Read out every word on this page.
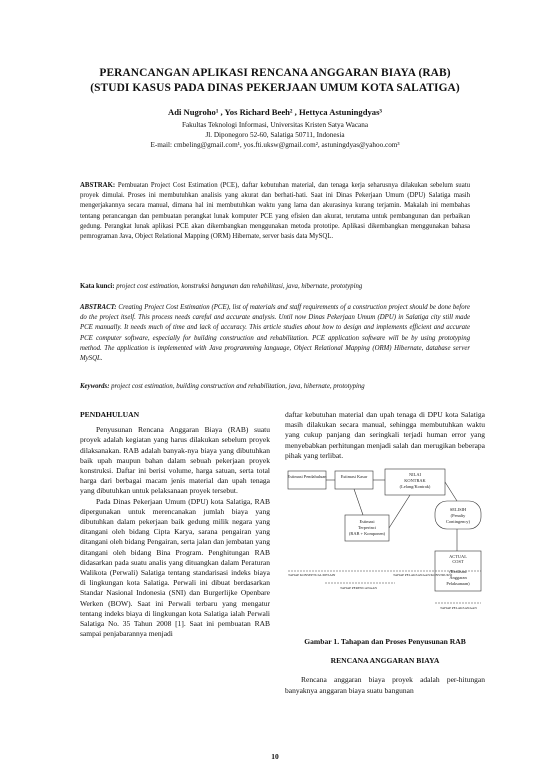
PERANCANGAN APLIKASI RENCANA ANGGARAN BIAYA (RAB)
(STUDI KASUS PADA DINAS PEKERJAAN UMUM KOTA SALATIGA)
Adi Nugroho¹ , Yos Richard Beeh² , Hettyca Astuningdyas³
Fakultas Teknologi Informasi, Universitas Kristen Satya Wacana
Jl. Diponegoro 52-60, Salatiga 50711, Indonesia
E-mail: cmbeling@gmail.com¹, yos.fti.uksw@gmail.com², astuningdyas@yahoo.com³
ABSTRAK: Pembuatan Project Cost Estimation (PCE), daftar kebutuhan material, dan tenaga kerja seharusnya dilakukan sebelum suatu proyek dimulai. Proses ini membutuhkan analisis yang akurat dan berhati-hati. Saat ini Dinas Pekerjaan Umum (DPU) Salatiga masih mengerjakannya secara manual, dimana hal ini membutuhkan waktu yang lama dan akurasinya kurang terjamin. Makalah ini membahas tentang perancangan dan pembuatan perangkat lunak komputer PCE yang efisien dan akurat, terutama untuk pembangunan dan perbaikan gedung. Perangkat lunak aplikasi PCE akan dikembangkan menggunakan metoda prototipe. Aplikasi dikembangkan menggunakan bahasa pemrograman Java, Object Relational Mapping (ORM) Hibernate, server basis data MySQL.
Kata kunci: project cost estimation, konstruksi bangunan dan rehabilitasi, java, hibernate, prototyping
ABSTRACT: Creating Project Cost Estimation (PCE), list of materials and staff requirements of a construction project should be done before do the project itself. This process needs careful and accurate analysis. Until now Dinas Pekerjaan Umum (DPU) in Salatiga city still made PCE manually. It needs much of time and lack of accuracy. This article studies about how to design and implements efficient and accurate PCE computer software, especially for building construction and rehabilitation. PCE application software will be by using prototyping method. The application is implemented with Java programming language, Object Relational Mapping (ORM) Hibernate, database server MySQL.
Keywords: project cost estimation, building construction and rehabilitation, java, hibernate, prototyping

PENDAHULUAN

Penyusunan Rencana Anggaran Biaya (RAB) suatu proyek adalah kegiatan yang harus dilakukan sebelum proyek dilaksanakan. RAB adalah banyak-nya biaya yang dibutuhkan baik upah maupun bahan dalam sebuah pekerjaan proyek konstruksi. Daftar ini berisi volume, harga satuan, serta total harga dari berbagai macam jenis material dan upah tenaga yang dibutuhkan untuk pelaksanaan proyek tersebut.

Pada Dinas Pekerjaan Umum (DPU) kota Salatiga, RAB dipergunakan untuk merencanakan jumlah biaya yang dibutuhkan dalam pekerjaan baik gedung milik negara yang ditangani oleh bidang Cipta Karya, sarana pengairan yang ditangani oleh bidang Pengairan, serta jalan dan jembatan yang ditangani oleh bidang Bina Program. Penghitungan RAB didasarkan pada suatu analis yang dituangkan dalam Peraturan Walikota (Perwali) Salatiga tentang standarisasi indeks biaya di lingkungan kota Salatiga. Perwali ini dibuat berdasarkan Standar Nasional Indonesia (SNI) dan Burgerlijke Openbare Werken (BOW). Saat ini Perwali terbaru yang mengatur tentang indeks biaya di lingkungan kota Salatiga ialah Perwali Salatiga No. 35 Tahun 2008 [1]. Saat ini pembuatan RAB sampai penjabarannya menjadi

daftar kebutuhan material dan upah tenaga di DPU kota Salatiga masih dilakukan secara manual, sehingga membutuhkan waktu yang cukup panjang dan seringkali terjadi human error yang menyebabkan perhitungan menjadi salah dan merugikan beberapa pihak yang terlibat.

Estimasi Pendahuluan	Estimasi Kasar	NILAI
KONTRAK
(Lelang/Kontrak)
SELISIH
(Penalty
Contingency)
Estimasi
Terperinci
(RAB + Komponen)
ACTUAL
COST
(Realisasi
Anggaran
Pelaksanaan)
TAHAP KONSEPTUAL/DESAIN	TAHAP PELAKSANAAN/KONSTRUKSI
TAHAP PERENCANAAN
TAHAP PELAKSANAAN

Gambar 1. Tahapan dan Proses Penyusunan RAB

RENCANA ANGGARAN BIAYA

Rencana anggaran biaya proyek adalah per-hitungan banyaknya anggaran biaya suatu bangunan

10
